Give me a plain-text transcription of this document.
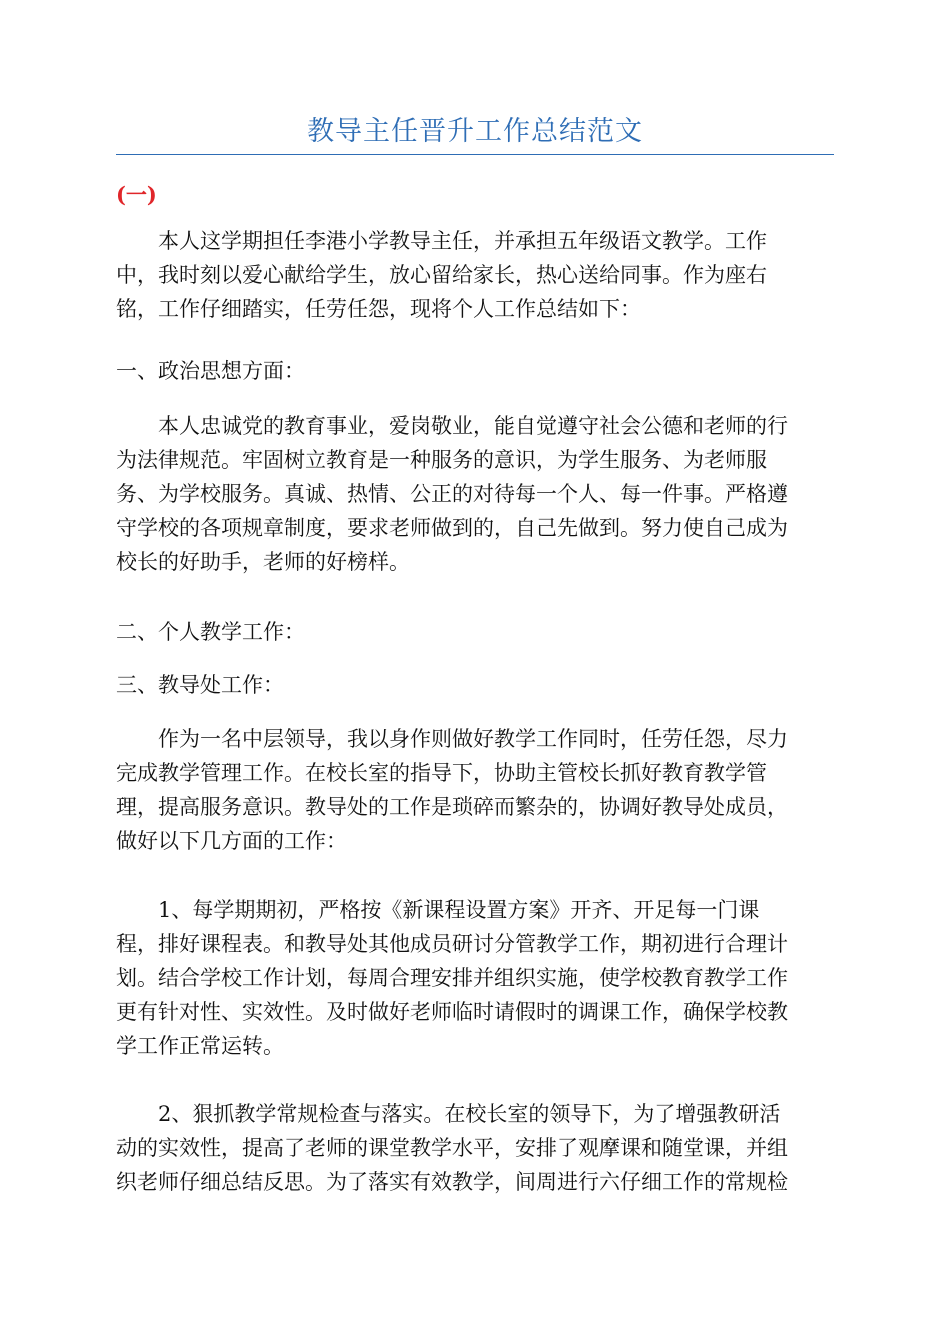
教导主任晋升工作总结范文
(一)
本人这学期担任李港小学教导主任，并承担五年级语文教学。工作
中，我时刻以爱心献给学生，放心留给家长，热心送给同事。作为座右
铭，工作仔细踏实，任劳任怨，现将个人工作总结如下：
一、政治思想方面：
本人忠诚党的教育事业，爱岗敬业，能自觉遵守社会公德和老师的行
为法律规范。牢固树立教育是一种服务的意识，为学生服务、为老师服
务、为学校服务。真诚、热情、公正的对待每一个人、每一件事。严格遵
守学校的各项规章制度，要求老师做到的，自己先做到。努力使自己成为
校长的好助手，老师的好榜样。
二、个人教学工作：
三、教导处工作：
作为一名中层领导，我以身作则做好教学工作同时，任劳任怨，尽力
完成教学管理工作。在校长室的指导下，协助主管校长抓好教育教学管
理，提高服务意识。教导处的工作是琐碎而繁杂的，协调好教导处成员，
做好以下几方面的工作：
1、每学期期初，严格按《新课程设置方案》开齐、开足每一门课
程，排好课程表。和教导处其他成员研讨分管教学工作，期初进行合理计
划。结合学校工作计划，每周合理安排并组织实施，使学校教育教学工作
更有针对性、实效性。及时做好老师临时请假时的调课工作，确保学校教
学工作正常运转。
2、狠抓教学常规检查与落实。在校长室的领导下，为了增强教研活
动的实效性，提高了老师的课堂教学水平，安排了观摩课和随堂课，并组
织老师仔细总结反思。为了落实有效教学，间周进行六仔细工作的常规检
